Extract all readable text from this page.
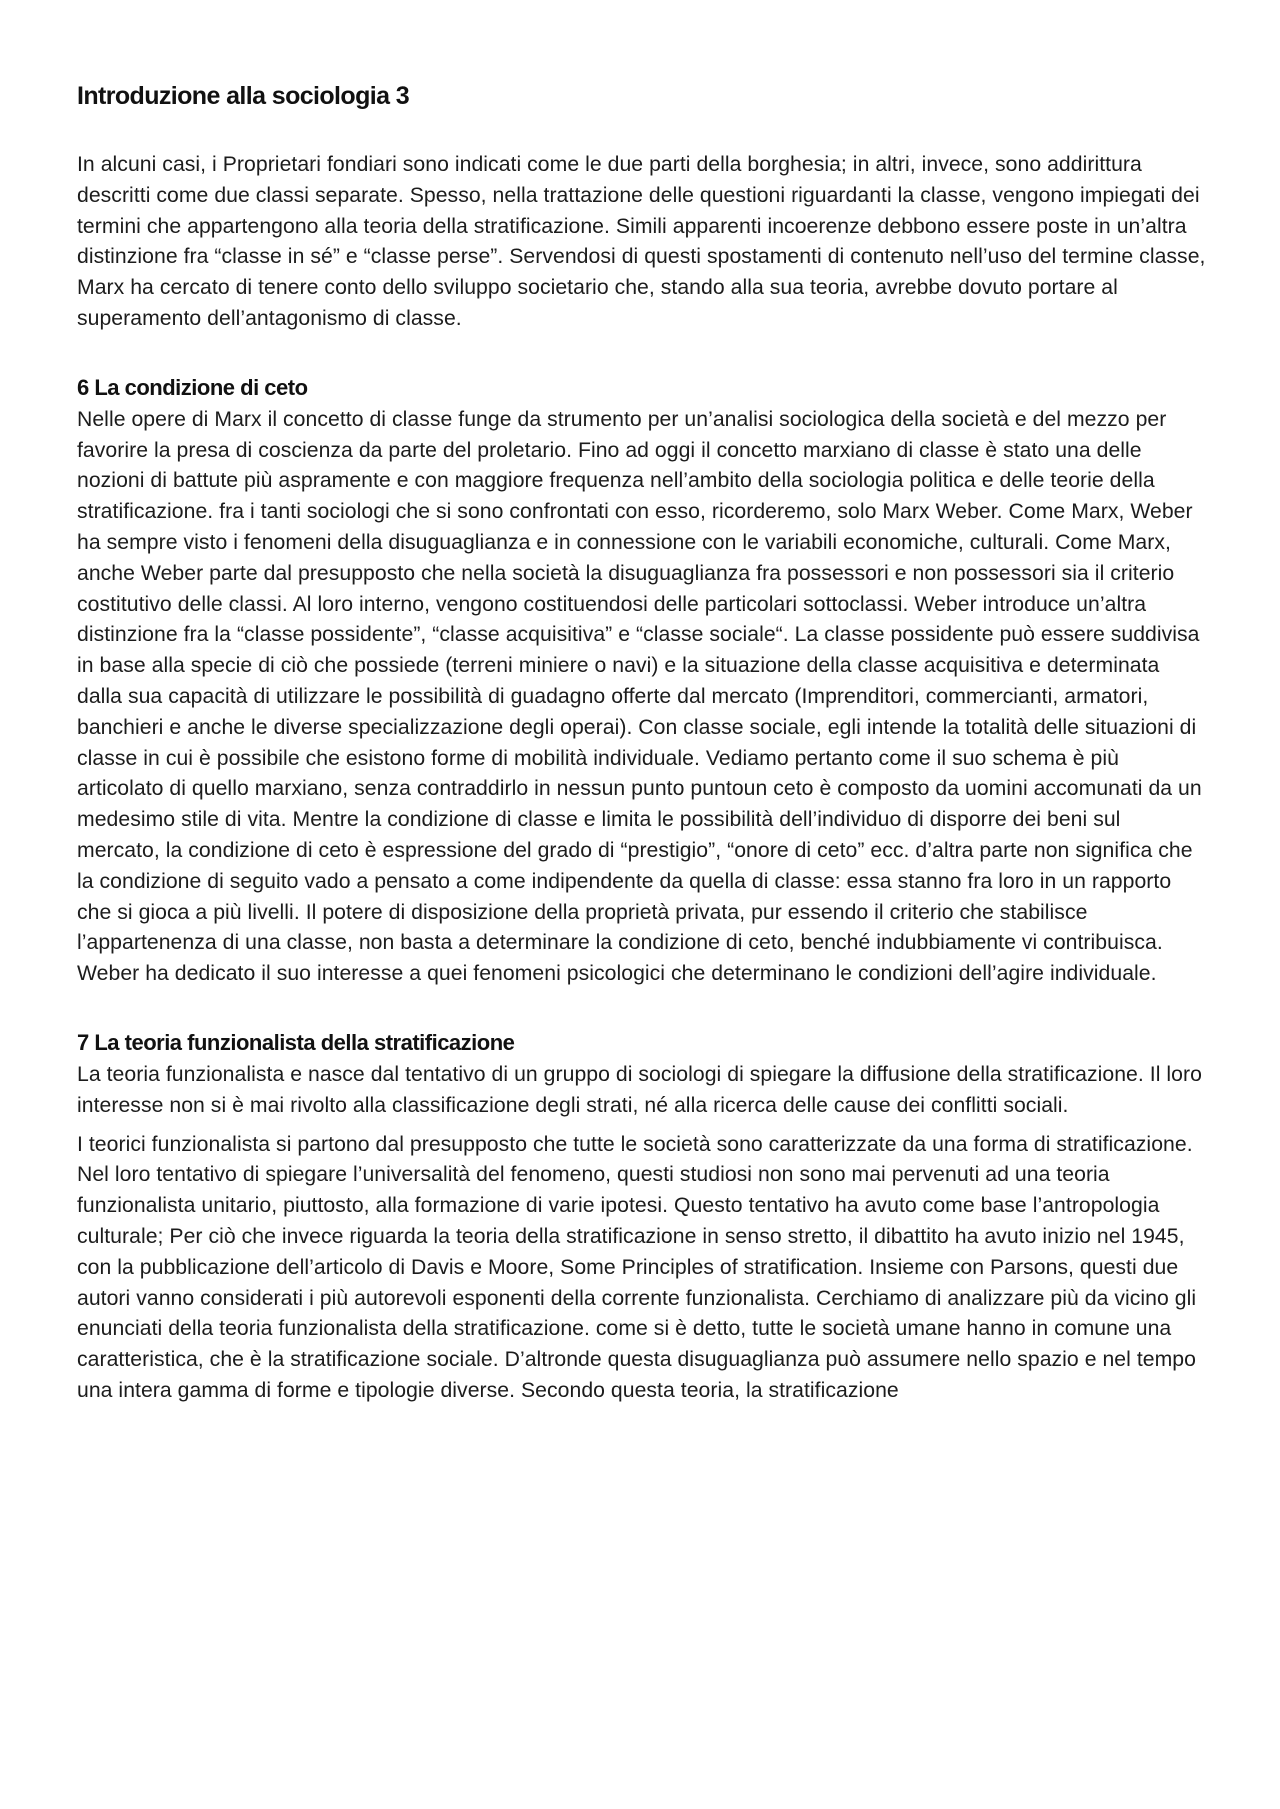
Introduzione alla sociologia 3

In alcuni casi, i Proprietari fondiari sono indicati come le due parti della borghesia; in altri, invece, sono addirittura descritti come due classi separate. Spesso, nella trattazione delle questioni riguardanti la classe, vengono impiegati dei termini che appartengono alla teoria della stratificazione. Simili apparenti incoerenze debbono essere poste in un’altra distinzione fra “classe in sé” e “classe perse”. Servendosi di questi spostamenti di contenuto nell’uso del termine classe, Marx ha cercato di tenere conto dello sviluppo societario che, stando alla sua teoria, avrebbe dovuto portare al superamento dell’antagonismo di classe.

6 La condizione di ceto

Nelle opere di Marx il concetto di classe funge da strumento per un’analisi sociologica della società e del mezzo per favorire la presa di coscienza da parte del proletario. Fino ad oggi il concetto marxiano di classe è stato una delle nozioni di battute più aspramente e con maggiore frequenza nell’ambito della sociologia politica e delle teorie della stratificazione. fra i tanti sociologi che si sono confrontati con esso, ricorderemo, solo Marx Weber. Come Marx, Weber ha sempre visto i fenomeni della disuguaglianza e in connessione con le variabili economiche, culturali. Come Marx, anche Weber parte dal presupposto che nella società la disuguaglianza fra possessori e non possessori sia il criterio costitutivo delle classi. Al loro interno, vengono costituendosi delle particolari sottoclassi. Weber introduce un’altra distinzione fra la “classe possidente”, “classe acquisitiva” e “classe sociale“. La classe possidente può essere suddivisa in base alla specie di ciò che possiede (terreni miniere o navi) e la situazione della classe acquisitiva e determinata dalla sua capacità di utilizzare le possibilità di guadagno offerte dal mercato (Imprenditori, commercianti, armatori, banchieri e anche le diverse specializzazione degli operai). Con classe sociale, egli intende la totalità delle situazioni di classe in cui è possibile che esistono forme di mobilità individuale. Vediamo pertanto come il suo schema è più articolato di quello marxiano, senza contraddirlo in nessun punto puntoun ceto è composto da uomini accomunati da un medesimo stile di vita. Mentre la condizione di classe e limita le possibilità dell’individuo di disporre dei beni sul mercato, la condizione di ceto è espressione del grado di “prestigio”, “onore di ceto” ecc. d’altra parte non significa che la condizione di seguito vado a pensato a come indipendente da quella di classe: essa stanno fra loro in un rapporto che si gioca a più livelli. Il potere di disposizione della proprietà privata, pur essendo il criterio che stabilisce l’appartenenza di una classe, non basta a determinare la condizione di ceto, benché indubbiamente vi contribuisca. Weber ha dedicato il suo interesse a quei fenomeni psicologici che determinano le condizioni dell’agire individuale.

7 La teoria funzionalista della stratificazione

La teoria funzionalista e nasce dal tentativo di un gruppo di sociologi di spiegare la diffusione della stratificazione. Il loro interesse non si è mai rivolto alla classificazione degli strati, né alla ricerca delle cause dei conflitti sociali.

I teorici funzionalista si partono dal presupposto che tutte le società sono caratterizzate da una forma di stratificazione. Nel loro tentativo di spiegare l’universalità del fenomeno, questi studiosi non sono mai pervenuti ad una teoria funzionalista unitario, piuttosto, alla formazione di varie ipotesi. Questo tentativo ha avuto come base l’antropologia culturale; Per ciò che invece riguarda la teoria della stratificazione in senso stretto, il dibattito ha avuto inizio nel 1945, con la pubblicazione dell’articolo di Davis e Moore, Some Principles of stratification. Insieme con Parsons, questi due autori vanno considerati i più autorevoli esponenti della corrente funzionalista. Cerchiamo di analizzare più da vicino gli enunciati della teoria funzionalista della stratificazione. come si è detto, tutte le società umane hanno in comune una caratteristica, che è la stratificazione sociale. D’altronde questa disuguaglianza può assumere nello spazio e nel tempo una intera gamma di forme e tipologie diverse. Secondo questa teoria, la stratificazione
